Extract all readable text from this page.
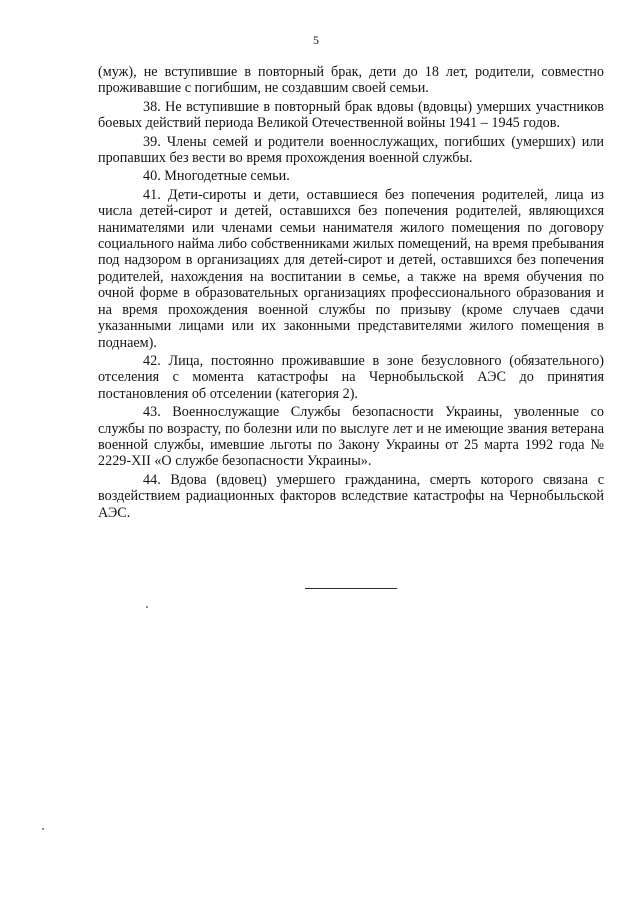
5

(муж), не вступившие в повторный брак, дети до 18 лет, родители, совместно проживавшие с погибшим, не создавшим своей семьи.

38. Не вступившие в повторный брак вдовы (вдовцы) умерших участников боевых действий периода Великой Отечественной войны 1941 – 1945 годов.

39. Члены семей и родители военнослужащих, погибших (умерших) или пропавших без вести во время прохождения военной службы.

40. Многодетные семьи.

41. Дети-сироты и дети, оставшиеся без попечения родителей, лица из числа детей-сирот и детей, оставшихся без попечения родителей, являющихся нанимателями или членами семьи нанимателя жилого помещения по договору социального найма либо собственниками жилых помещений, на время пребывания под надзором в организациях для детей-сирот и детей, оставшихся без попечения родителей, нахождения на воспитании в семье, а также на время обучения по очной форме в образовательных организациях профессионального образования и на время прохождения военной службы по призыву (кроме случаев сдачи указанными лицами или их законными представителями жилого помещения в поднаем).

42. Лица, постоянно проживавшие в зоне безусловного (обязательного) отселения с момента катастрофы на Чернобыльской АЭС до принятия постановления об отселении (категория 2).

43. Военнослужащие Службы безопасности Украины, уволенные со службы по возрасту, по болезни или по выслуге лет и не имеющие звания ветерана военной службы, имевшие льготы по Закону Украины от 25 марта 1992 года № 2229-XII «О службе безопасности Украины».

44. Вдова (вдовец) умершего гражданина, смерть которого связана с воздействием радиационных факторов вследствие катастрофы на Чернобыльской АЭС.
